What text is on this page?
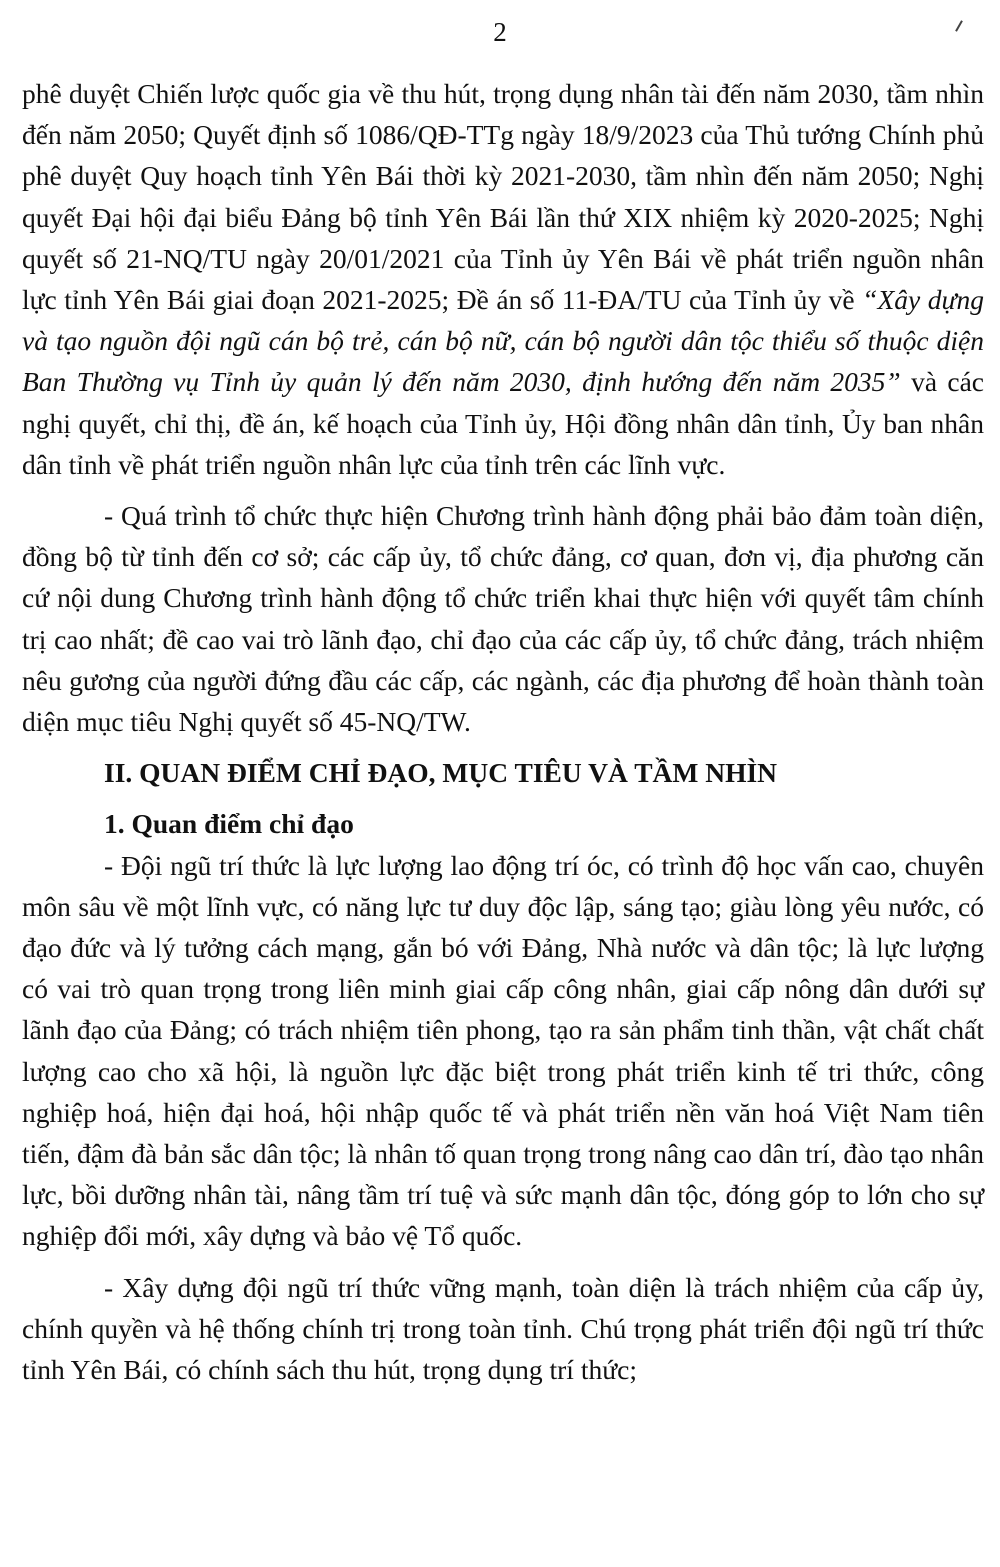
2

phê duyệt Chiến lược quốc gia về thu hút, trọng dụng nhân tài đến năm 2030, tầm nhìn đến năm 2050; Quyết định số 1086/QĐ-TTg ngày 18/9/2023 của Thủ tướng Chính phủ phê duyệt Quy hoạch tỉnh Yên Bái thời kỳ 2021-2030, tầm nhìn đến năm 2050; Nghị quyết Đại hội đại biểu Đảng bộ tỉnh Yên Bái lần thứ XIX nhiệm kỳ 2020-2025; Nghị quyết số 21-NQ/TU ngày 20/01/2021 của Tỉnh ủy Yên Bái về phát triển nguồn nhân lực tỉnh Yên Bái giai đoạn 2021-2025; Đề án số 11-ĐA/TU của Tỉnh ủy về “Xây dựng và tạo nguồn đội ngũ cán bộ trẻ, cán bộ nữ, cán bộ người dân tộc thiểu số thuộc diện Ban Thường vụ Tỉnh ủy quản lý đến năm 2030, định hướng đến năm 2035” và các nghị quyết, chỉ thị, đề án, kế hoạch của Tỉnh ủy, Hội đồng nhân dân tỉnh, Ủy ban nhân dân tỉnh về phát triển nguồn nhân lực của tỉnh trên các lĩnh vực.

- Quá trình tổ chức thực hiện Chương trình hành động phải bảo đảm toàn diện, đồng bộ từ tỉnh đến cơ sở; các cấp ủy, tổ chức đảng, cơ quan, đơn vị, địa phương căn cứ nội dung Chương trình hành động tổ chức triển khai thực hiện với quyết tâm chính trị cao nhất; đề cao vai trò lãnh đạo, chỉ đạo của các cấp ủy, tổ chức đảng, trách nhiệm nêu gương của người đứng đầu các cấp, các ngành, các địa phương để hoàn thành toàn diện mục tiêu Nghị quyết số 45-NQ/TW.

II. QUAN ĐIỂM CHỈ ĐẠO, MỤC TIÊU VÀ TẦM NHÌN

1. Quan điểm chỉ đạo

- Đội ngũ trí thức là lực lượng lao động trí óc, có trình độ học vấn cao, chuyên môn sâu về một lĩnh vực, có năng lực tư duy độc lập, sáng tạo; giàu lòng yêu nước, có đạo đức và lý tưởng cách mạng, gắn bó với Đảng, Nhà nước và dân tộc; là lực lượng có vai trò quan trọng trong liên minh giai cấp công nhân, giai cấp nông dân dưới sự lãnh đạo của Đảng; có trách nhiệm tiên phong, tạo ra sản phẩm tinh thần, vật chất chất lượng cao cho xã hội, là nguồn lực đặc biệt trong phát triển kinh tế tri thức, công nghiệp hoá, hiện đại hoá, hội nhập quốc tế và phát triển nền văn hoá Việt Nam tiên tiến, đậm đà bản sắc dân tộc; là nhân tố quan trọng trong nâng cao dân trí, đào tạo nhân lực, bồi dưỡng nhân tài, nâng tầm trí tuệ và sức mạnh dân tộc, đóng góp to lớn cho sự nghiệp đổi mới, xây dựng và bảo vệ Tổ quốc.

- Xây dựng đội ngũ trí thức vững mạnh, toàn diện là trách nhiệm của cấp ủy, chính quyền và hệ thống chính trị trong toàn tỉnh. Chú trọng phát triển đội ngũ trí thức tỉnh Yên Bái, có chính sách thu hút, trọng dụng trí thức;
